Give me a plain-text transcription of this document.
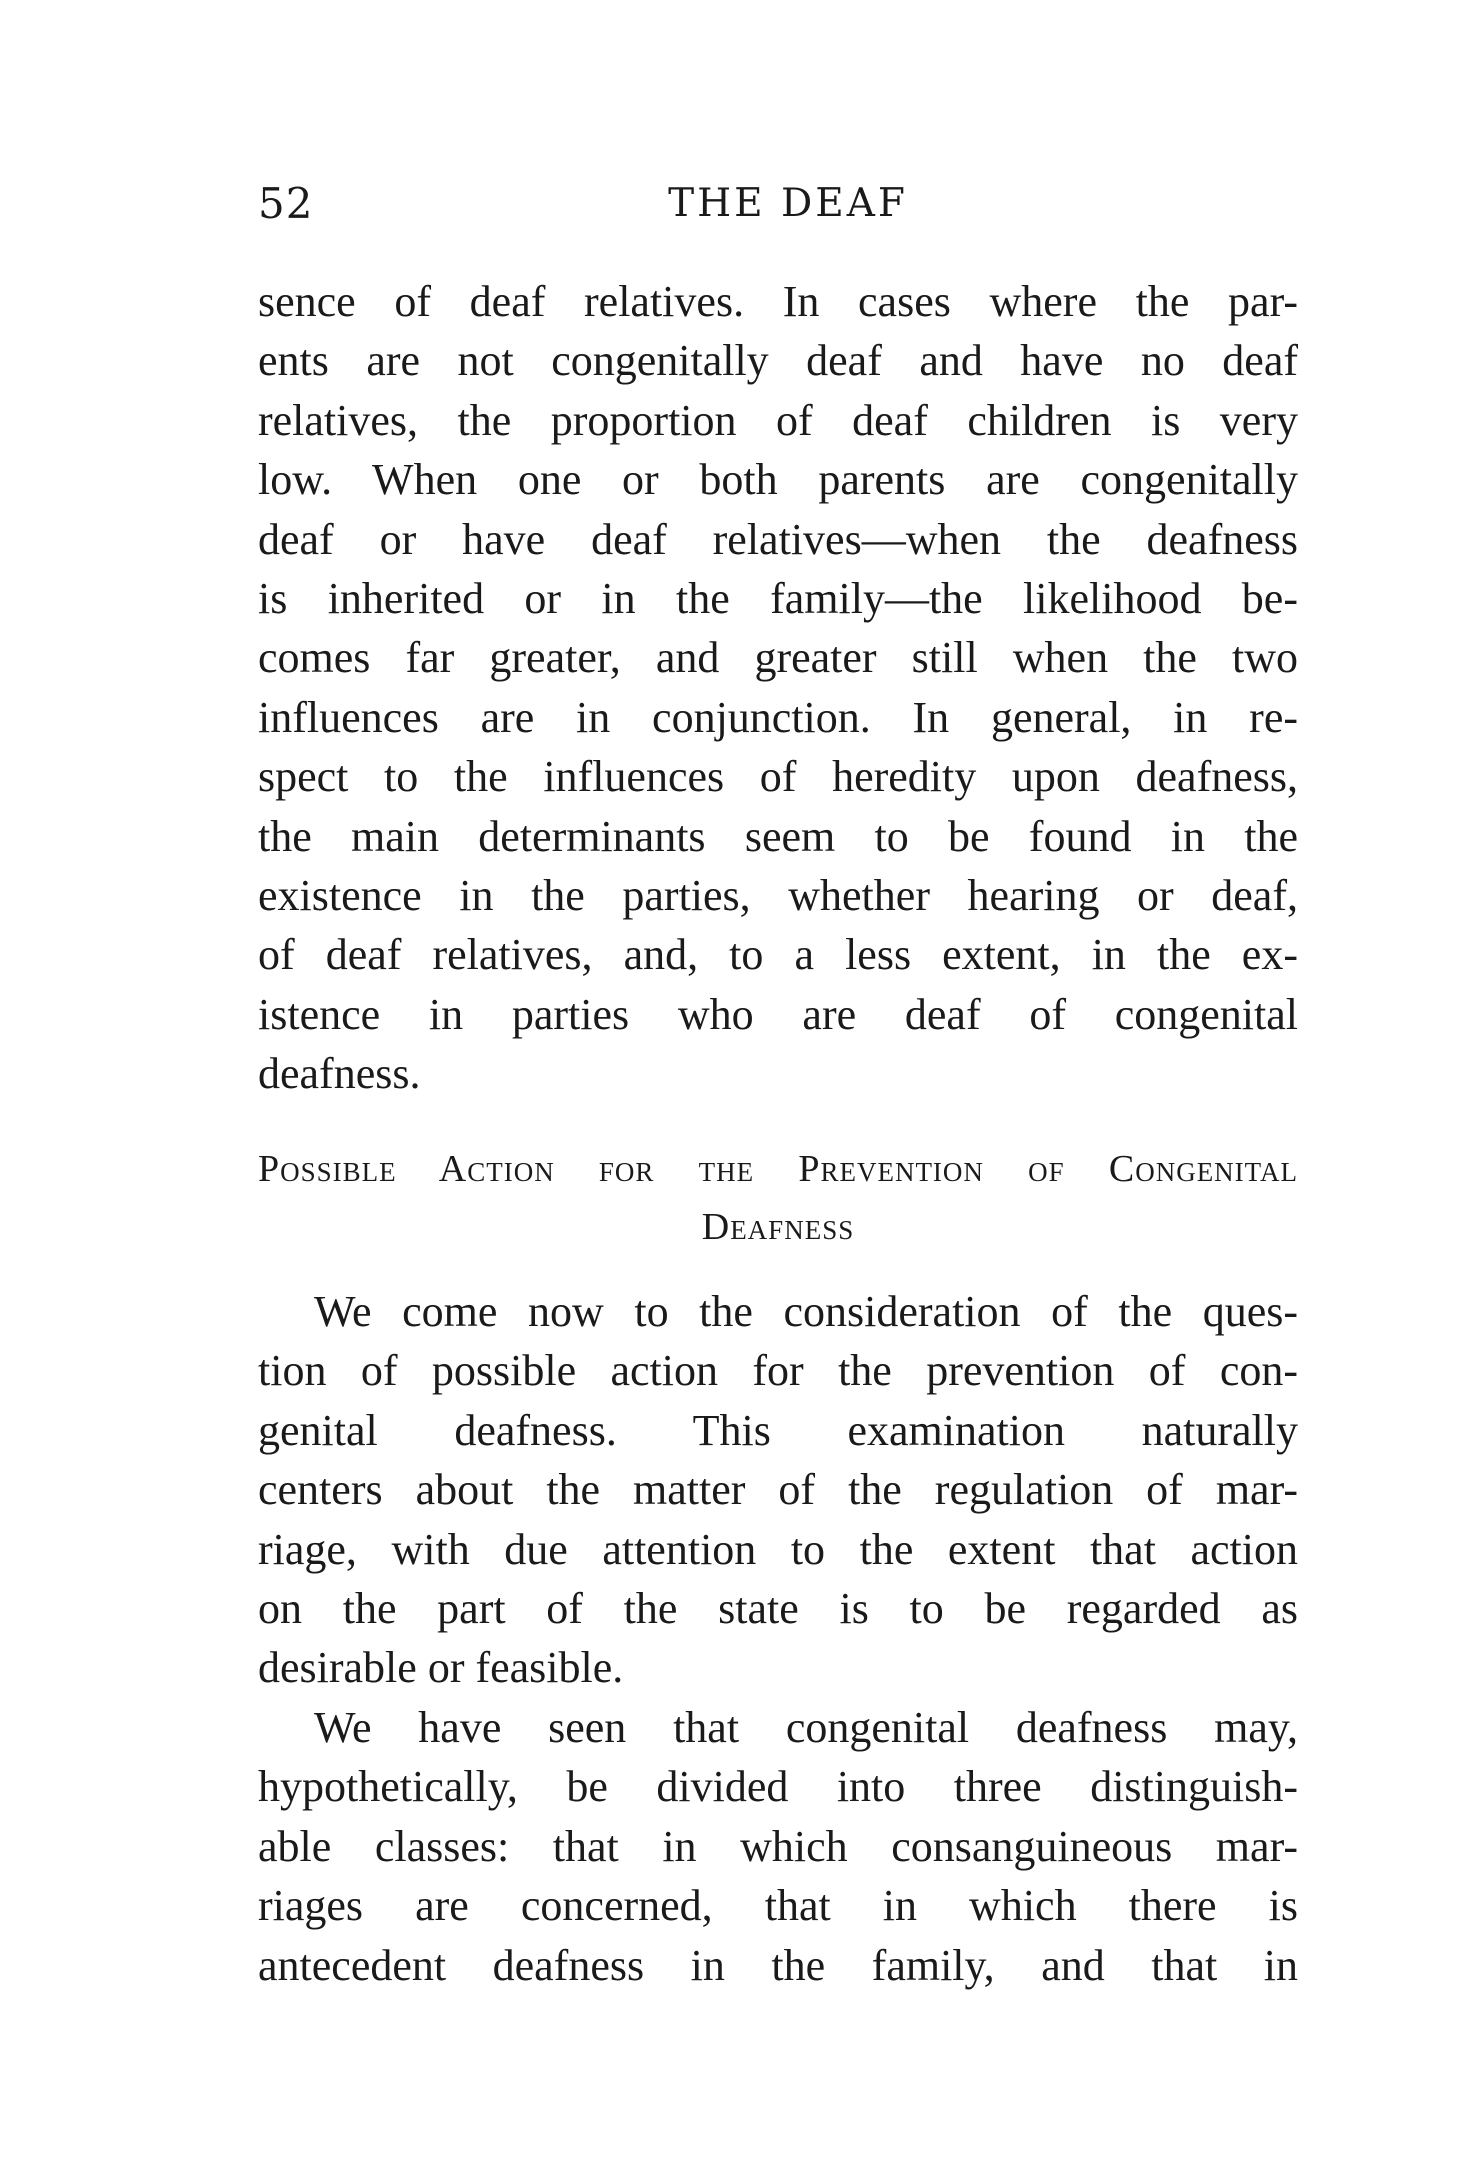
52	THE DEAF
sence of deaf relatives. In cases where the par-
ents are not congenitally deaf and have no deaf
relatives, the proportion of deaf children is very
low. When one or both parents are congenitally
deaf or have deaf relatives—when the deafness
is inherited or in the family—the likelihood be-
comes far greater, and greater still when the two
influences are in conjunction. In general, in re-
spect to the influences of heredity upon deafness,
the main determinants seem to be found in the
existence in the parties, whether hearing or deaf,
of deaf relatives, and, to a less extent, in the ex-
istence in parties who are deaf of congenital
deafness.
Possible Action for the Prevention of Congenital
Deafness
We come now to the consideration of the ques-
tion of possible action for the prevention of con-
genital deafness. This examination naturally
centers about the matter of the regulation of mar-
riage, with due attention to the extent that action
on the part of the state is to be regarded as
desirable or feasible.
We have seen that congenital deafness may,
hypothetically, be divided into three distinguish-
able classes: that in which consanguineous mar-
riages are concerned, that in which there is
antecedent deafness in the family, and that in
